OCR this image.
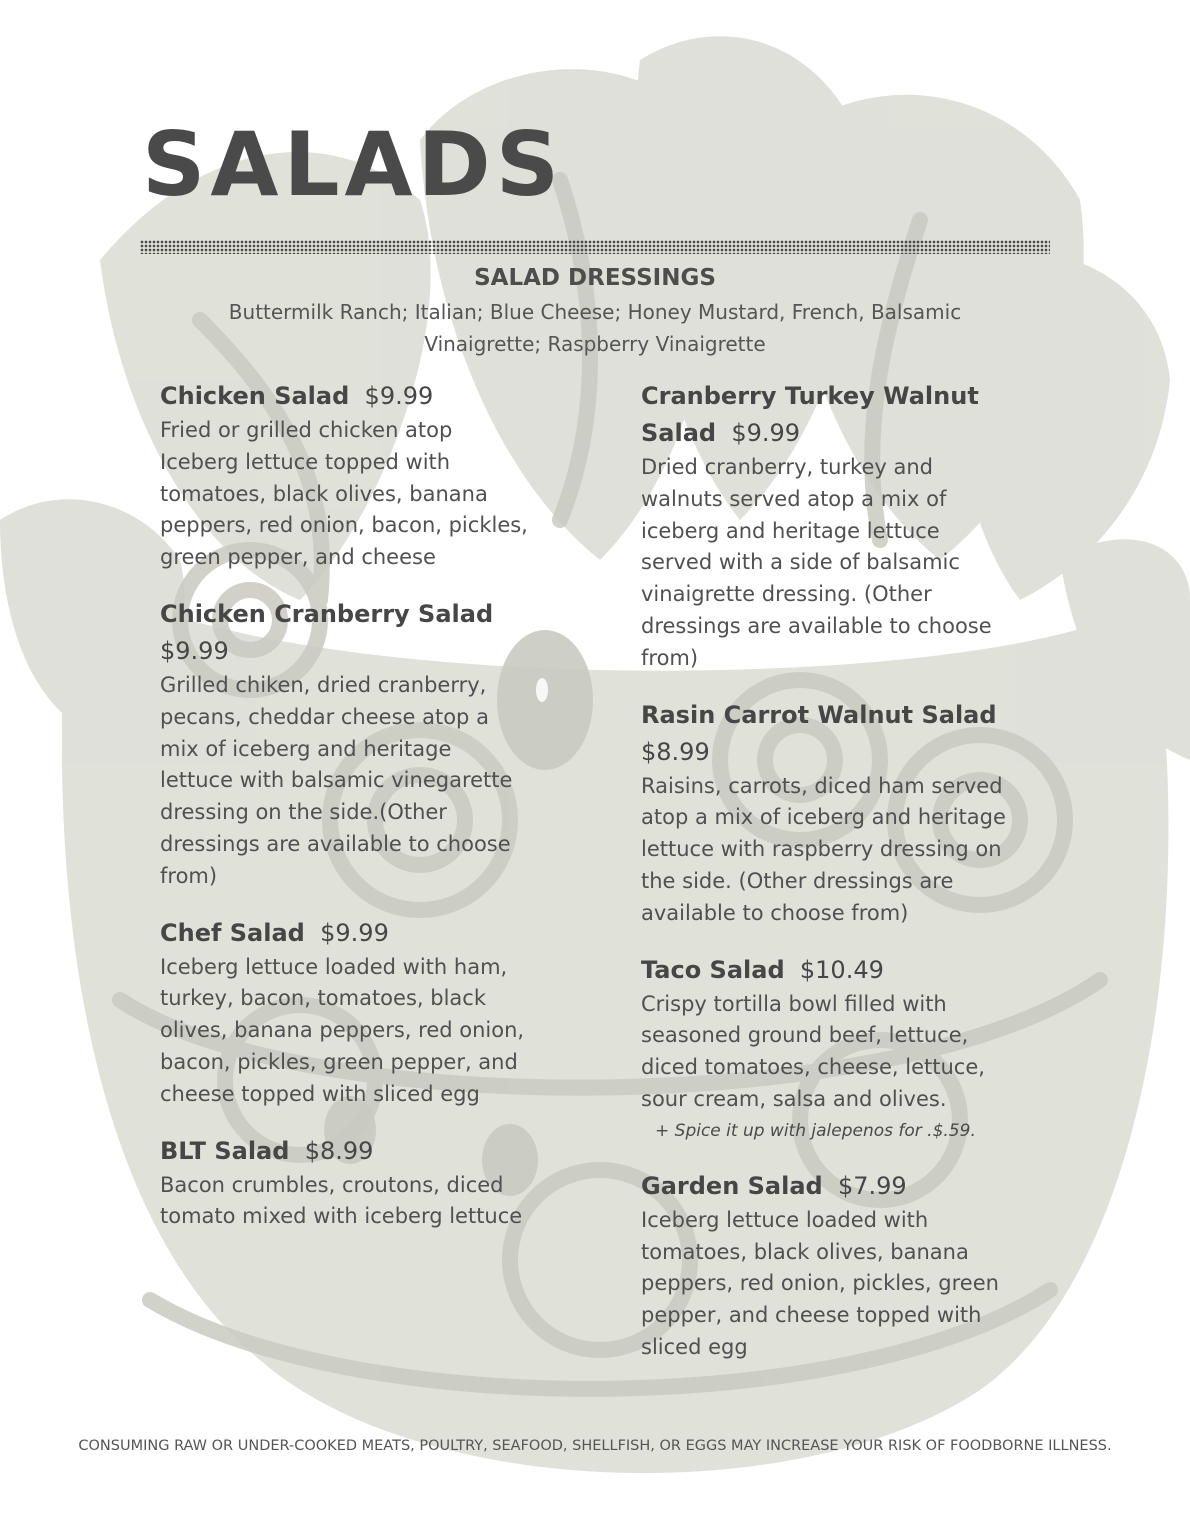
SALADS
SALAD DRESSINGS
Buttermilk Ranch; Italian; Blue Cheese; Honey Mustard, French, Balsamic Vinaigrette; Raspberry Vinaigrette
Chicken Salad $9.99
Fried or grilled chicken atop Iceberg lettuce topped with tomatoes, black olives, banana peppers, red onion, bacon, pickles, green pepper, and cheese
Chicken Cranberry Salad
$9.99
Grilled chiken, dried cranberry, pecans, cheddar cheese atop a mix of iceberg and heritage lettuce with balsamic vinegarette dressing on the side.(Other dressings are available to choose from)
Chef Salad $9.99
Iceberg lettuce loaded with ham, turkey, bacon, tomatoes, black olives, banana peppers, red onion, bacon, pickles, green pepper, and cheese topped with sliced egg
BLT Salad $8.99
Bacon crumbles, croutons, diced tomato mixed with iceberg lettuce
Cranberry Turkey Walnut Salad $9.99
Dried cranberry, turkey and walnuts served atop a mix of iceberg and heritage lettuce served with a side of balsamic vinaigrette dressing. (Other dressings are available to choose from)
Rasin Carrot Walnut Salad
$8.99
Raisins, carrots, diced ham served atop a mix of iceberg and heritage lettuce with raspberry dressing on the side. (Other dressings are available to choose from)
Taco Salad $10.49
Crispy tortilla bowl filled with seasoned ground beef, lettuce, diced tomatoes, cheese, lettuce, sour cream, salsa and olives.
+ Spice it up with jalepenos for .$.59.
Garden Salad $7.99
Iceberg lettuce loaded with tomatoes, black olives, banana peppers, red onion, pickles, green pepper, and cheese topped with sliced egg
CONSUMING RAW OR UNDER-COOKED MEATS, POULTRY, SEAFOOD, SHELLFISH, OR EGGS MAY INCREASE YOUR RISK OF FOODBORNE ILLNESS.
